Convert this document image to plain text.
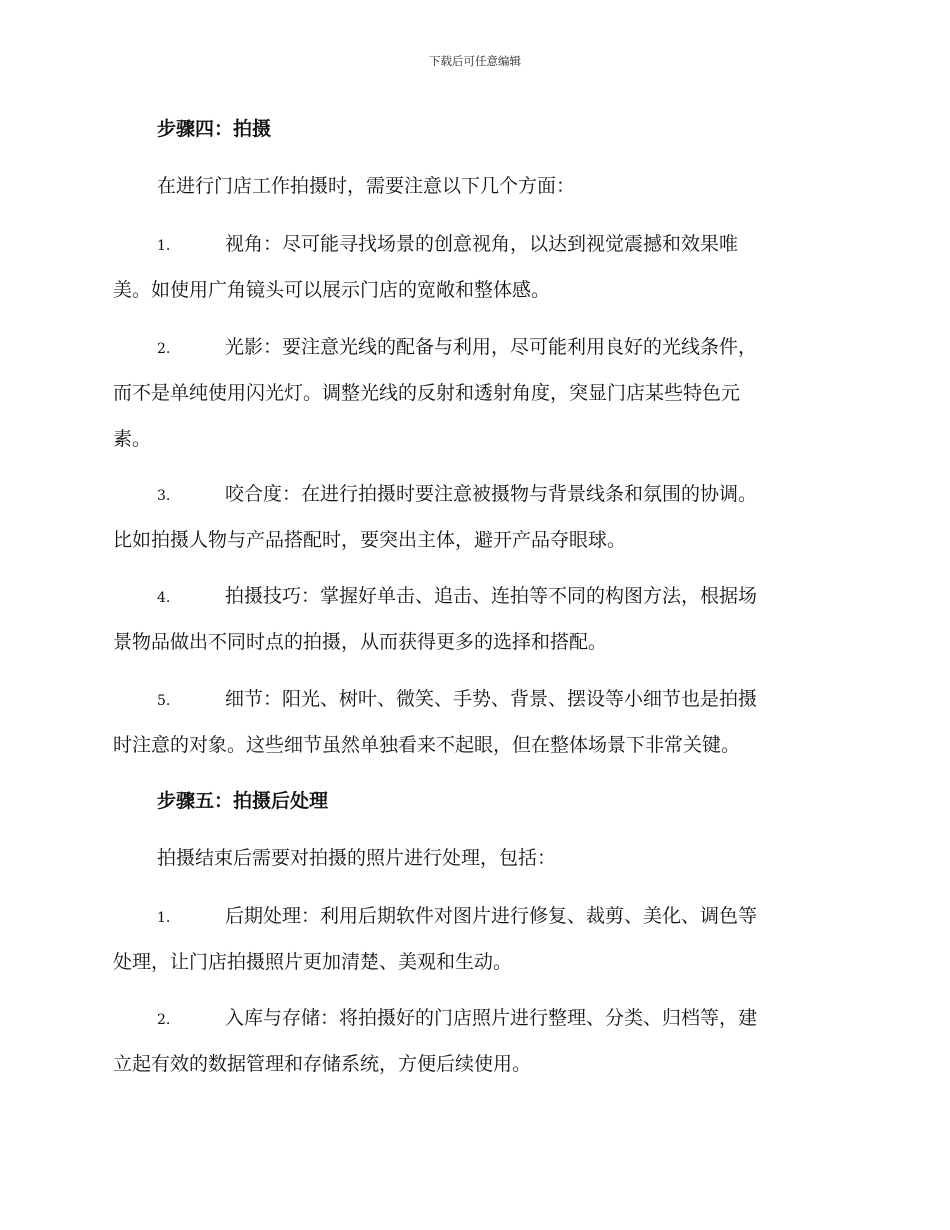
下载后可任意编辑
步骤四：拍摄

在进行门店工作拍摄时，需要注意以下几个方面：

1.	视角：尽可能寻找场景的创意视角，以达到视觉震撼和效果唯
美。如使用广角镜头可以展示门店的宽敞和整体感。
2.	光影：要注意光线的配备与利用，尽可能利用良好的光线条件，
而不是单纯使用闪光灯。调整光线的反射和透射角度，突显门店某些特色元
素。
3.	咬合度：在进行拍摄时要注意被摄物与背景线条和氛围的协调。
比如拍摄人物与产品搭配时，要突出主体，避开产品夺眼球。
4.	拍摄技巧：掌握好单击、追击、连拍等不同的构图方法，根据场
景物品做出不同时点的拍摄，从而获得更多的选择和搭配。
5.	细节：阳光、树叶、微笑、手势、背景、摆设等小细节也是拍摄
时注意的对象。这些细节虽然单独看来不起眼，但在整体场景下非常关键。
步骤五：拍摄后处理

拍摄结束后需要对拍摄的照片进行处理，包括：

1.	后期处理：利用后期软件对图片进行修复、裁剪、美化、调色等
处理，让门店拍摄照片更加清楚、美观和生动。
2.	入库与存储：将拍摄好的门店照片进行整理、分类、归档等，建
立起有效的数据管理和存储系统，方便后续使用。
